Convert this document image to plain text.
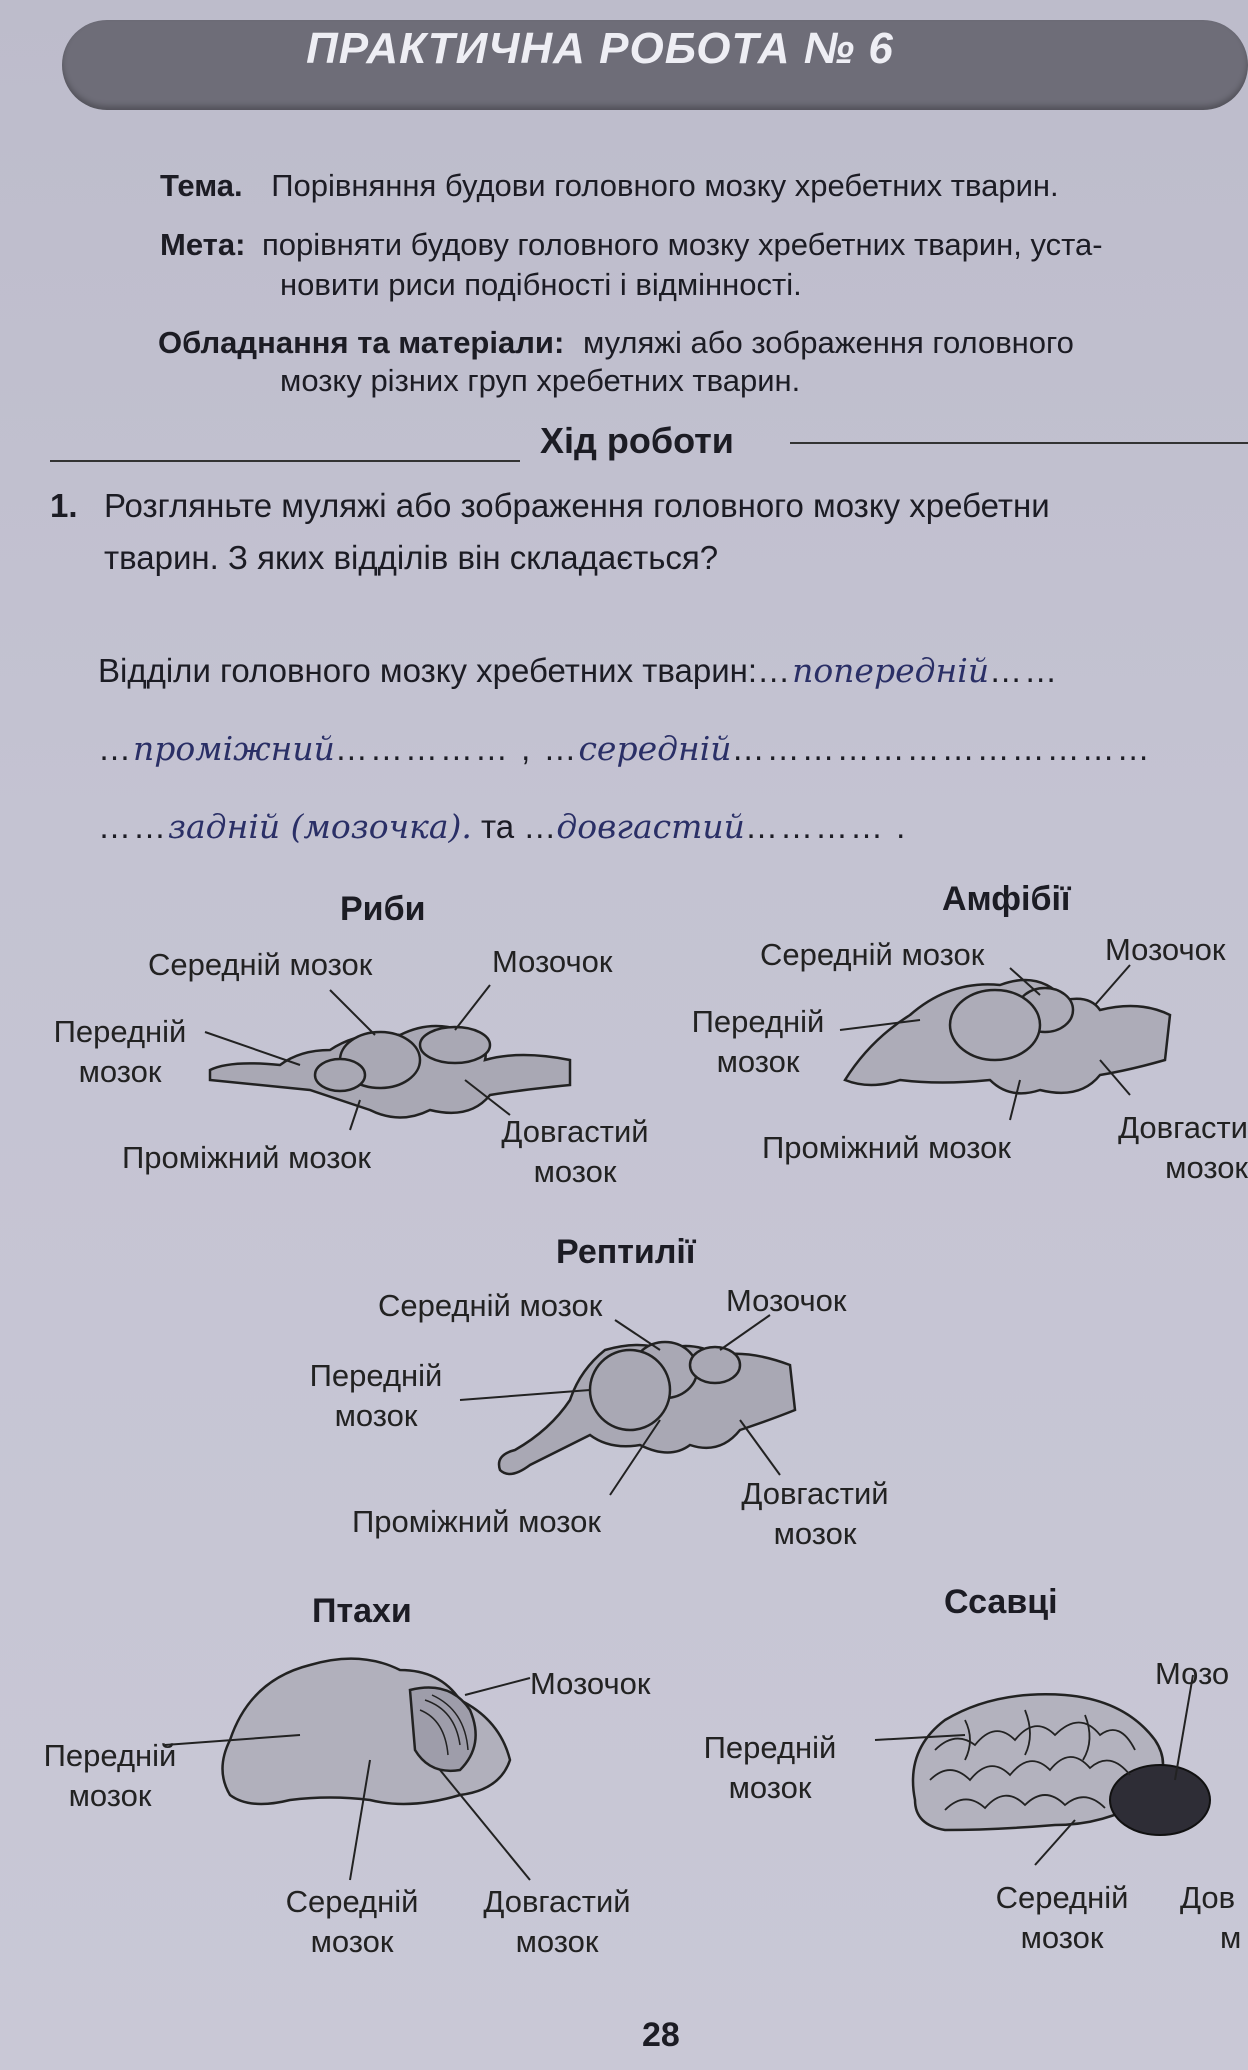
ПРАКТИЧНА РОБОТА № 6
Тема. Порівняння будови головного мозку хребетних тварин.
Мета: порівняти будову головного мозку хребетних тварин, уста-
новити риси подібності і відмінності.
Обладнання та матеріали: муляжі або зображення головного
мозку різних груп хребетних тварин.
Хід роботи
1. Розгляньте муляжі або зображення головного мозку хребетни
тварин. З яких відділів він складається?
Відділи головного мозку хребетних тварин:…попередній……
…проміжний…………… , …середній………………………………
……задній (мозочка). та …довгастий………… .
Риби
Середній мозок	Мозочок
Передній
мозок
Проміжний мозок
Довгастий
мозок
Амфібії
Середній мозок	Мозочок
Передній
мозок
Проміжний мозок
Довгасти
мозок
Рептилії
Середній мозок	Мозочок
Передній
мозок
Проміжний мозок
Довгастий
мозок
Птахи
Мозочок
Передній
мозок
Середній
мозок
Довгастий
мозок
Ссавці
Мозо
Передній
мозок
Середній
мозок
Дов
м
28
